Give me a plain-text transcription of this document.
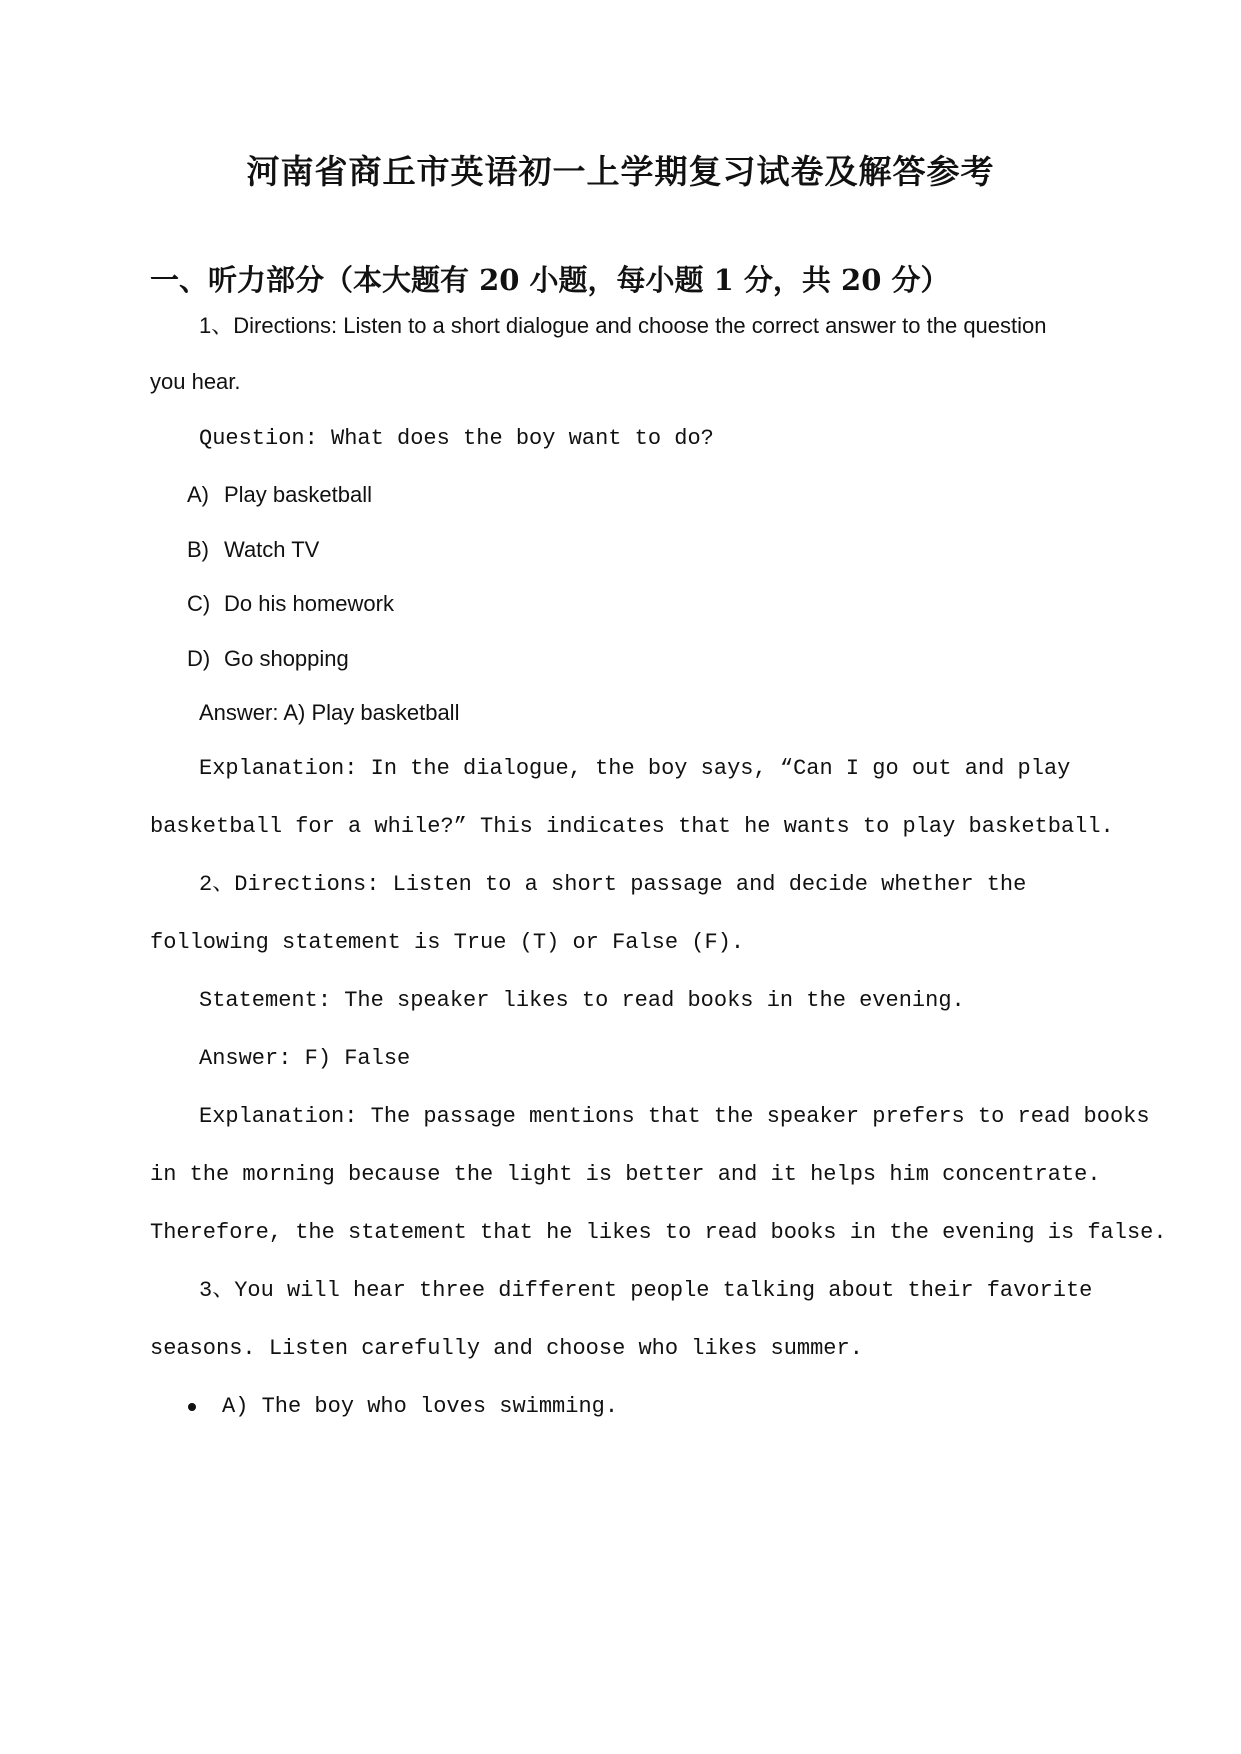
河南省商丘市英语初一上学期复习试卷及解答参考
一、听力部分（本大题有 20 小题，每小题 1 分，共 20 分）
1、Directions: Listen to a short dialogue and choose the correct answer to the question
you hear.
Question: What does the boy want to do?
A) Play basketball
B) Watch TV
C) Do his homework
D) Go shopping
Answer: A) Play basketball
Explanation: In the dialogue, the boy says, “Can I go out and play
basketball for a while?” This indicates that he wants to play basketball.
2、Directions: Listen to a short passage and decide whether the
following statement is True (T) or False (F).
Statement: The speaker likes to read books in the evening.
Answer: F) False
Explanation: The passage mentions that the speaker prefers to read books
in the morning because the light is better and it helps him concentrate.
Therefore, the statement that he likes to read books in the evening is false.
3、You will hear three different people talking about their favorite
seasons. Listen carefully and choose who likes summer.
A) The boy who loves swimming.
